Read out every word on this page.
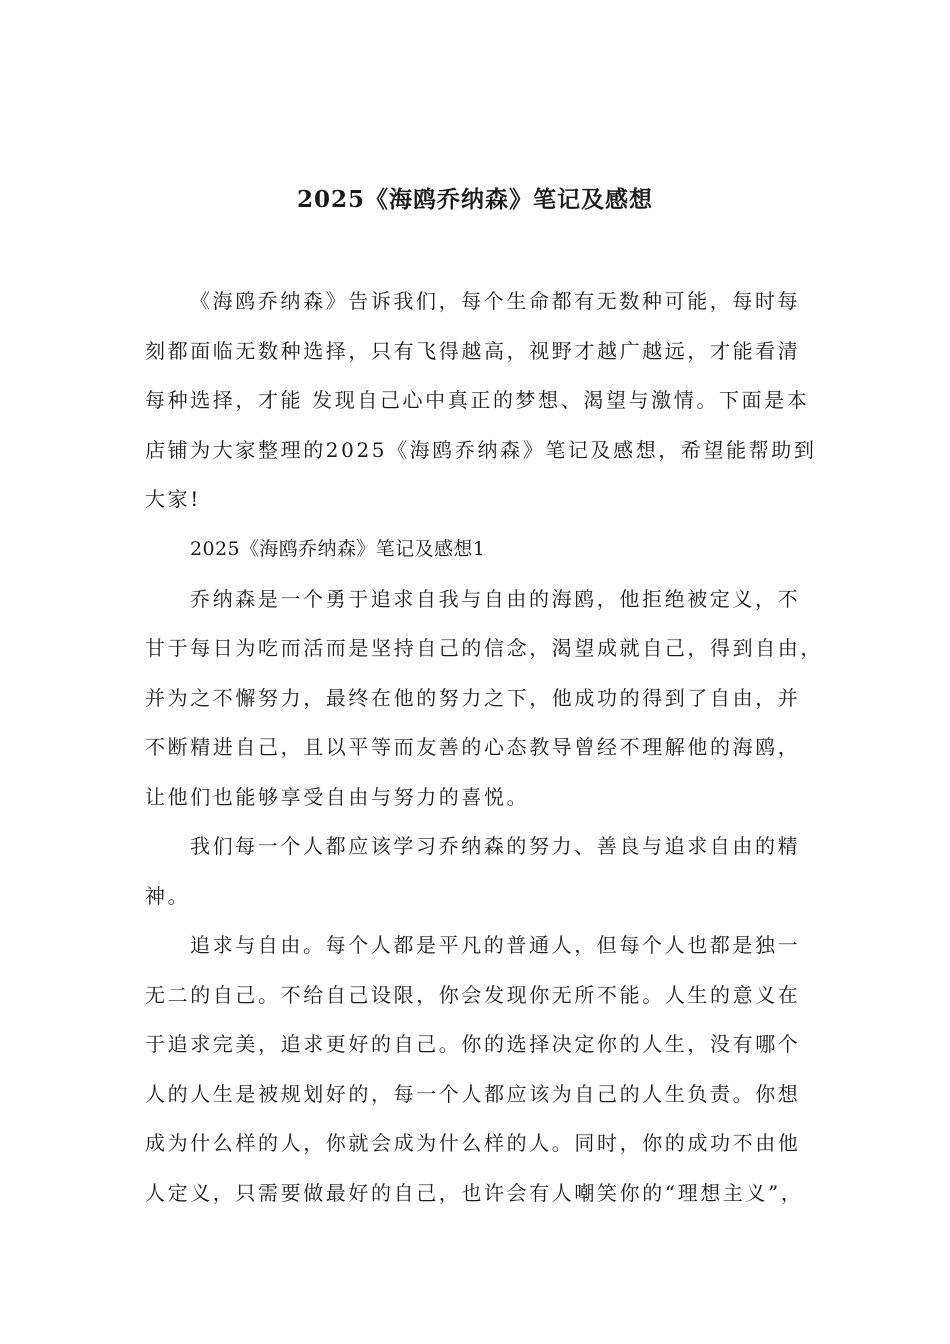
2025《海鸥乔纳森》笔记及感想
《海鸥乔纳森》告诉我们，每个生命都有无数种可能，每时每
刻都面临无数种选择，只有飞得越高，视野才越广越远，才能看清
每种选择，才能 发现自己心中真正的梦想、渴望与激情。下面是本
店铺为大家整理的2025《海鸥乔纳森》笔记及感想，希望能帮助到
大家!
2025《海鸥乔纳森》笔记及感想1
乔纳森是一个勇于追求自我与自由的海鸥，他拒绝被定义，不
甘于每日为吃而活而是坚持自己的信念，渴望成就自己，得到自由，
并为之不懈努力，最终在他的努力之下，他成功的得到了自由，并
不断精进自己，且以平等而友善的心态教导曾经不理解他的海鸥，
让他们也能够享受自由与努力的喜悦。
我们每一个人都应该学习乔纳森的努力、善良与追求自由的精
神。
追求与自由。每个人都是平凡的普通人，但每个人也都是独一
无二的自己。不给自己设限，你会发现你无所不能。人生的意义在
于追求完美，追求更好的自己。你的选择决定你的人生，没有哪个
人的人生是被规划好的，每一个人都应该为自己的人生负责。你想
成为什么样的人，你就会成为什么样的人。同时，你的成功不由他
人定义，只需要做最好的自己，也许会有人嘲笑你的“理想主义”，
